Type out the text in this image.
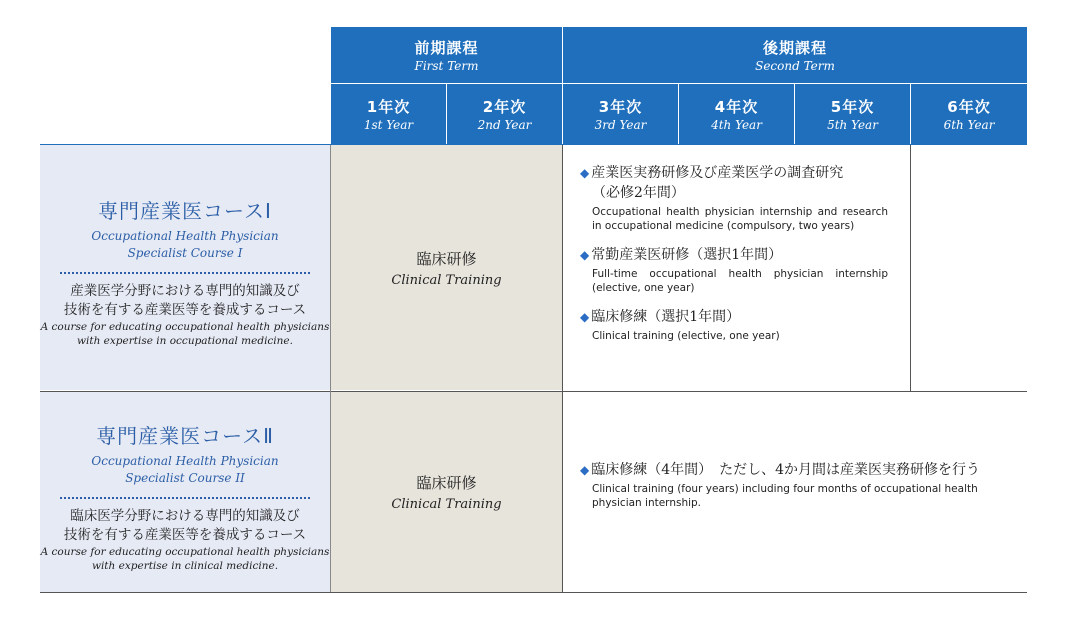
前期課程
First Term
後期課程
Second Term
1年次
1st Year
2年次
2nd Year
3年次
3rd Year
4年次
4th Year
5年次
5th Year
6年次
6th Year
専門産業医コースⅠ
Occupational Health Physician
Specialist Course I
産業医学分野における専門的知識及び
技術を有する産業医等を養成するコース
A course for educating occupational health physicians
with expertise in occupational medicine.
臨床研修
Clinical Training
◆ 産業医実務研修及び産業医学の調査研究
（必修2年間）
Occupational health physician internship and research in occupational medicine (compulsory, two years)
◆ 常勤産業医研修（選択1年間）
Full-time occupational health physician internship (elective, one year)
◆ 臨床修練（選択1年間）
Clinical training (elective, one year)
専門産業医コースⅡ
Occupational Health Physician
Specialist Course II
臨床医学分野における専門的知識及び
技術を有する産業医等を養成するコース
A course for educating occupational health physicians
with expertise in clinical medicine.
臨床研修
Clinical Training
◆ 臨床修練（4年間）　ただし、4か月間は産業医実務研修を行う
Clinical training (four years) including four months of occupational health physician internship.
